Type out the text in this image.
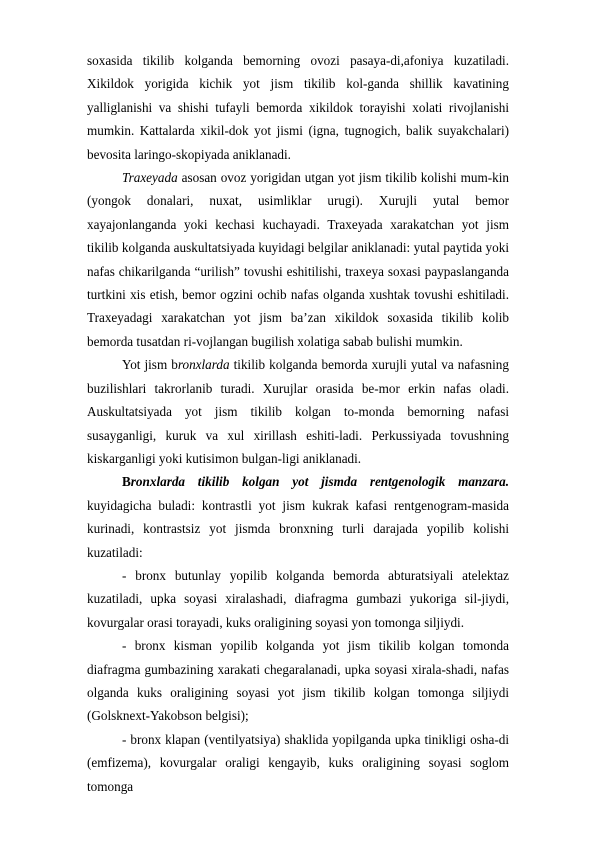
soxasida tikilib kolganda bemorning ovozi pasaya-di,afoniya kuzatiladi. Xikildok yorigida kichik yot jism tikilib kol-ganda shillik kavatining yalliglanishi va shishi tufayli bemorda xikildok torayishi xolati rivojlanishi mumkin. Kattalarda xikil-dok yot jismi (igna, tugnogich, balik suyakchalari) bevosita laringo-skopiyada aniklanadi.

Traxeyada asosan ovoz yorigidan utgan yot jism tikilib kolishi mum-kin (yongok donalari, nuxat, usimliklar urugi). Xurujli yutal bemor xayajonlanganda yoki kechasi kuchayadi. Traxeyada xarakatchan yot jism tikilib kolganda auskultatsiyada kuyidagi belgilar aniklanadi: yutal paytida yoki nafas chikarilganda “urilish” tovushi eshitilishi, traxeya soxasi paypaslanganda turtkini xis etish, bemor ogzini ochib nafas olganda xushtak tovushi eshitiladi. Traxeyadagi xarakatchan yot jism ba’zan xikildok soxasida tikilib kolib bemorda tusatdan ri-vojlangan bugilish xolatiga sabab bulishi mumkin.

Yot jism bronxlarda tikilib kolganda bemorda xurujli yutal va nafasning buzilishlari takrorlanib turadi. Xurujlar orasida be-mor erkin nafas oladi. Auskultatsiyada yot jism tikilib kolgan to-monda bemorning nafasi susayganligi, kuruk va xul xirillash eshiti-ladi. Perkussiyada tovushning kiskarganligi yoki kutisimon bulgan-ligi aniklanadi.

Bronxlarda tikilib kolgan yot jismda rentgenologik manzara. kuyidagicha buladi: kontrastli yot jism kukrak kafasi rentgenogram-masida kurinadi, kontrastsiz yot jismda bronxning turli darajada yopilib kolishi kuzatiladi:

- bronx butunlay yopilib kolganda bemorda abturatsiyali atelektaz kuzatiladi, upka soyasi xiralashadi, diafragma gumbazi yukoriga sil-jiydi, kovurgalar orasi torayadi, kuks oraligining soyasi yon tomonga siljiydi.

- bronx kisman yopilib kolganda yot jism tikilib kolgan tomonda diafragma gumbazining xarakati chegaralanadi, upka soyasi xirala-shadi, nafas olganda kuks oraligining soyasi yot jism tikilib kolgan tomonga siljiydi (Golsknext-Yakobson belgisi);

- bronx klapan (ventilyatsiya) shaklida yopilganda upka tinikligi osha-di (emfizema), kovurgalar oraligi kengayib, kuks oraligining soyasi soglom tomonga
